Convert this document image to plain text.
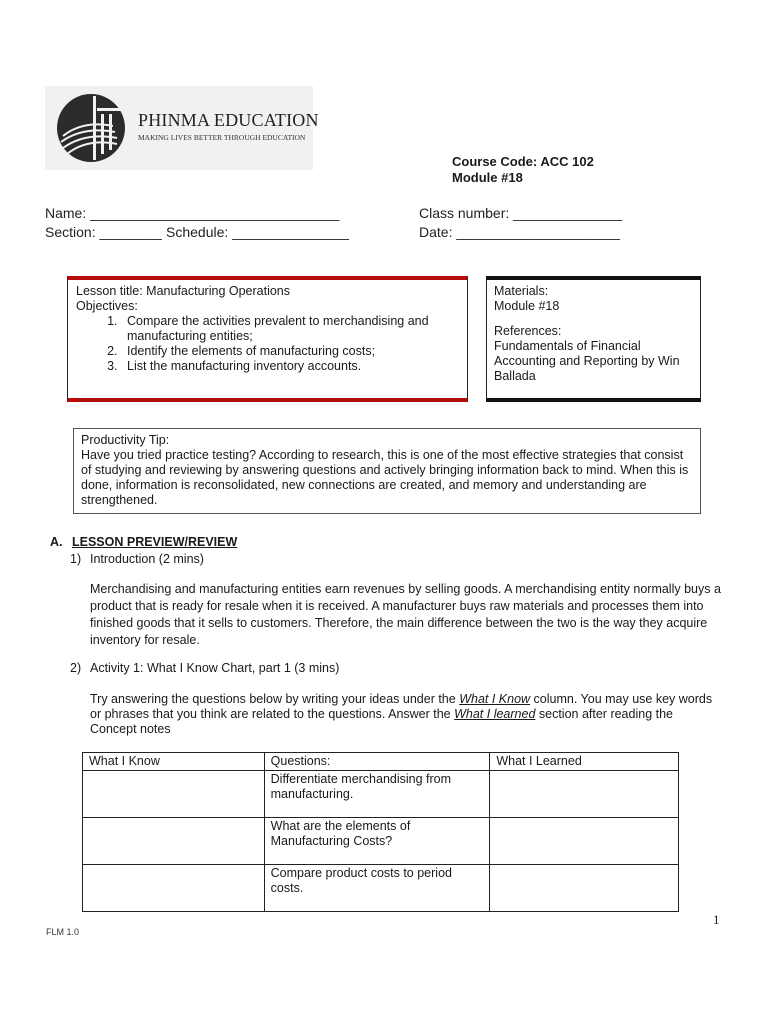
PHINMA EDUCATION
MAKING LIVES BETTER THROUGH EDUCATION
Course Code: ACC 102
Module #18
Name: ________________________________	Class number: ______________
Section: ________ Schedule: _______________	Date: _____________________
Lesson title: Manufacturing Operations
Objectives:
1. Compare the activities prevalent to merchandising and manufacturing entities;
2. Identify the elements of manufacturing costs;
3. List the manufacturing inventory accounts.
Materials:
Module #18
References:
Fundamentals of Financial Accounting and Reporting by Win Ballada
Productivity Tip:
Have you tried practice testing? According to research, this is one of the most effective strategies that consist of studying and reviewing by answering questions and actively bringing information back to mind. When this is done, information is reconsolidated, new connections are created, and memory and understanding are strengthened.
A. LESSON PREVIEW/REVIEW
1) Introduction (2 mins)
Merchandising and manufacturing entities earn revenues by selling goods. A merchandising entity normally buys a product that is ready for resale when it is received. A manufacturer buys raw materials and processes them into finished goods that it sells to customers. Therefore, the main difference between the two is the way they acquire inventory for resale.
2) Activity 1: What I Know Chart, part 1 (3 mins)
Try answering the questions below by writing your ideas under the What I Know column. You may use key words or phrases that you think are related to the questions. Answer the What I learned section after reading the Concept notes
What I Know	Questions:	What I Learned
	Differentiate merchandising from manufacturing.	
	What are the elements of Manufacturing Costs?	
	Compare product costs to period costs.	
1
FLM 1.0
